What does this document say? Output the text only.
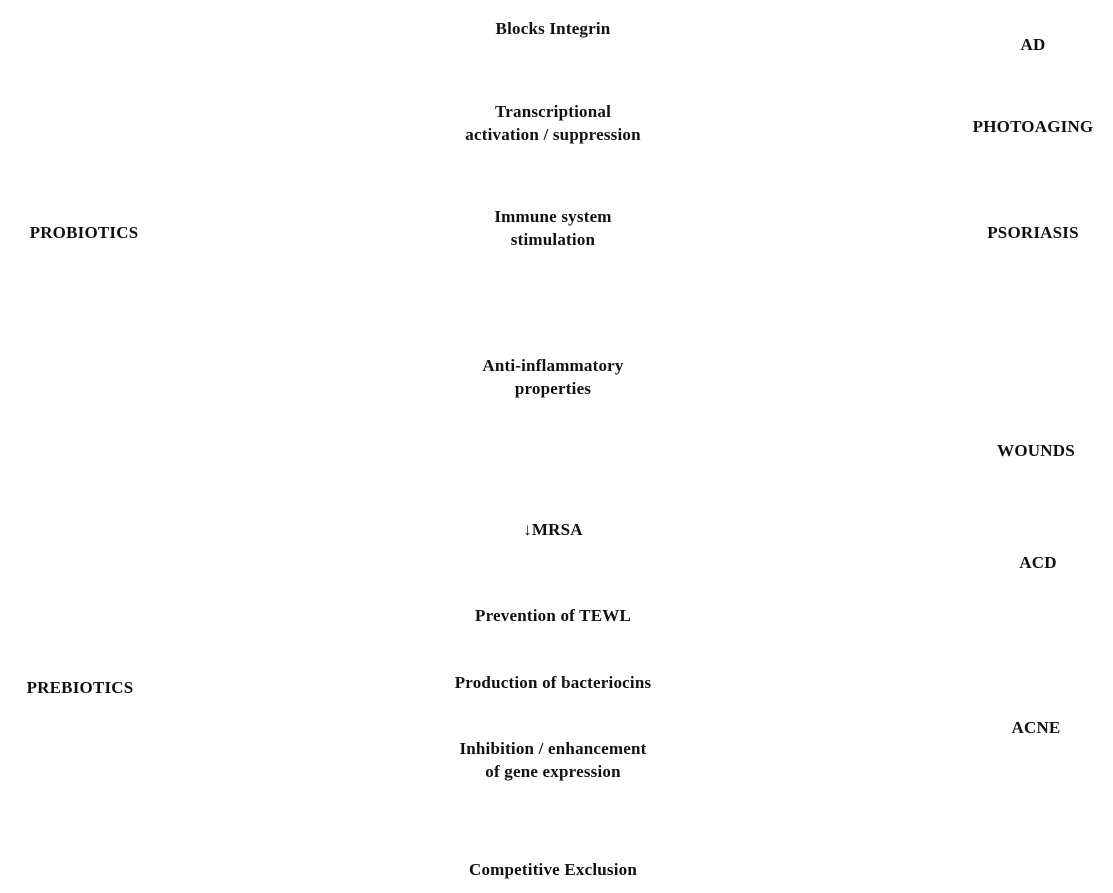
PROBIOTICS
PREBIOTICS
Blocks Integrin
Transcriptional
activation / suppression
Immune system
stimulation
Anti-inflammatory
properties
↓MRSA
Prevention of TEWL
Production of bacteriocins
Inhibition / enhancement
of gene expression
Competitive Exclusion
AD
PHOTOAGING
PSORIASIS
WOUNDS
ACD
ACNE
